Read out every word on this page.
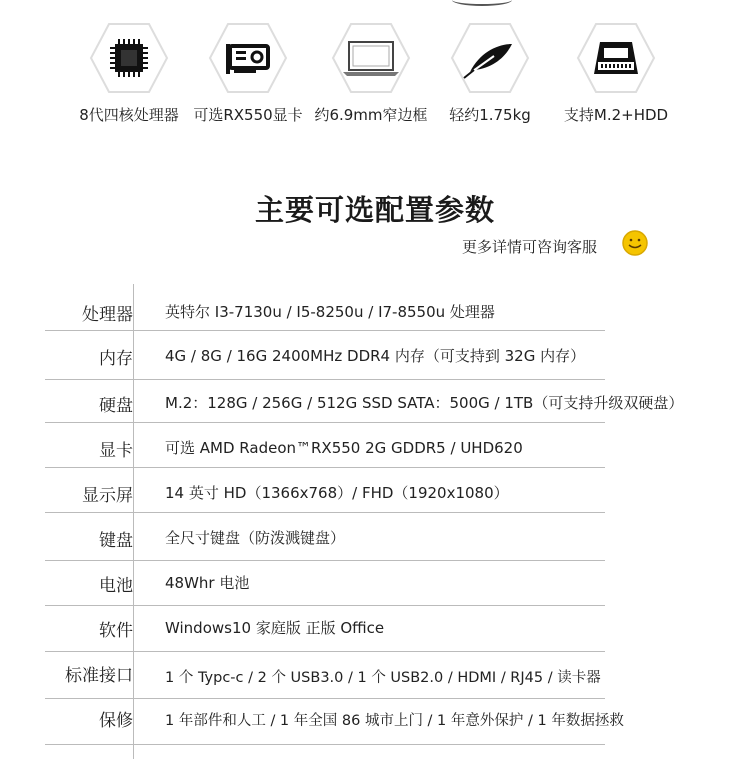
8代四核处理器 可选RX550显卡 约6.9mm窄边框	轻约1.75kg	支持M.2+HDD
主要可选配置参数
更多详情可咨询客服
处理器 英特尔 I3-7130u / I5-8250u / I7-8550u 处理器
内存 4G / 8G / 16G 2400MHz DDR4 内存（可支持到 32G 内存）
硬盘 M.2：128G / 256G / 512G SSD SATA：500G / 1TB（可支持升级双硬盘）
显卡 可选 AMD Radeon™RX550 2G GDDR5 / UHD620
显示屏 14 英寸 HD（1366x768）/ FHD（1920x1080）
键盘 全尺寸键盘（防泼溅键盘）
电池 48Whr 电池
软件 Windows10 家庭版 正版 Office
标准接口 1 个 Typc-c / 2 个 USB3.0 / 1 个 USB2.0 / HDMI / RJ45 / 读卡器
保修 1 年部件和人工 / 1 年全国 86 城市上门 / 1 年意外保护 / 1 年数据拯救
